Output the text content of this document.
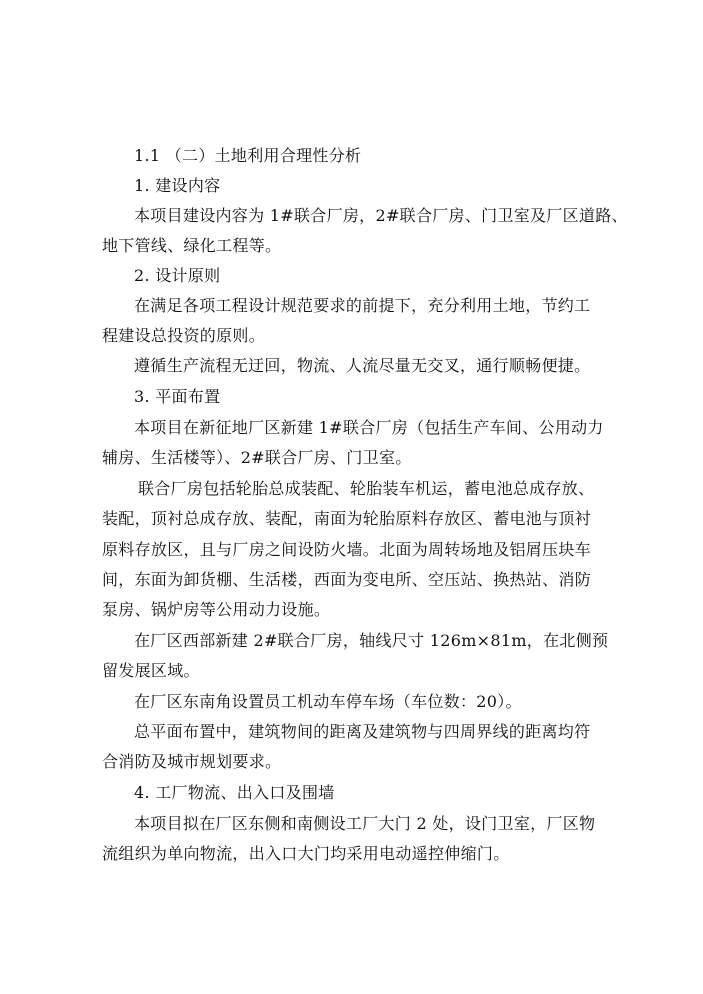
1.1 （二）土地利用合理性分析
1. 建设内容
本项目建设内容为 1#联合厂房，2#联合厂房、门卫室及厂区道路、
地下管线、绿化工程等。
2. 设计原则
在满足各项工程设计规范要求的前提下，充分利用土地，节约工
程建设总投资的原则。
遵循生产流程无迂回，物流、人流尽量无交叉，通行顺畅便捷。
3. 平面布置
本项目在新征地厂区新建 1#联合厂房（包括生产车间、公用动力
辅房、生活楼等）、2#联合厂房、门卫室。
联合厂房包括轮胎总成装配、轮胎装车机运，蓄电池总成存放、
装配，顶衬总成存放、装配，南面为轮胎原料存放区、蓄电池与顶衬
原料存放区，且与厂房之间设防火墙。北面为周转场地及铝屑压块车
间，东面为卸货棚、生活楼，西面为变电所、空压站、换热站、消防
泵房、锅炉房等公用动力设施。
在厂区西部新建 2#联合厂房，轴线尺寸 126m×81m，在北侧预
留发展区域。
在厂区东南角设置员工机动车停车场（车位数：20）。
总平面布置中，建筑物间的距离及建筑物与四周界线的距离均符
合消防及城市规划要求。
4. 工厂物流、出入口及围墙
本项目拟在厂区东侧和南侧设工厂大门 2 处，设门卫室，厂区物
流组织为单向物流，出入口大门均采用电动遥控伸缩门。
